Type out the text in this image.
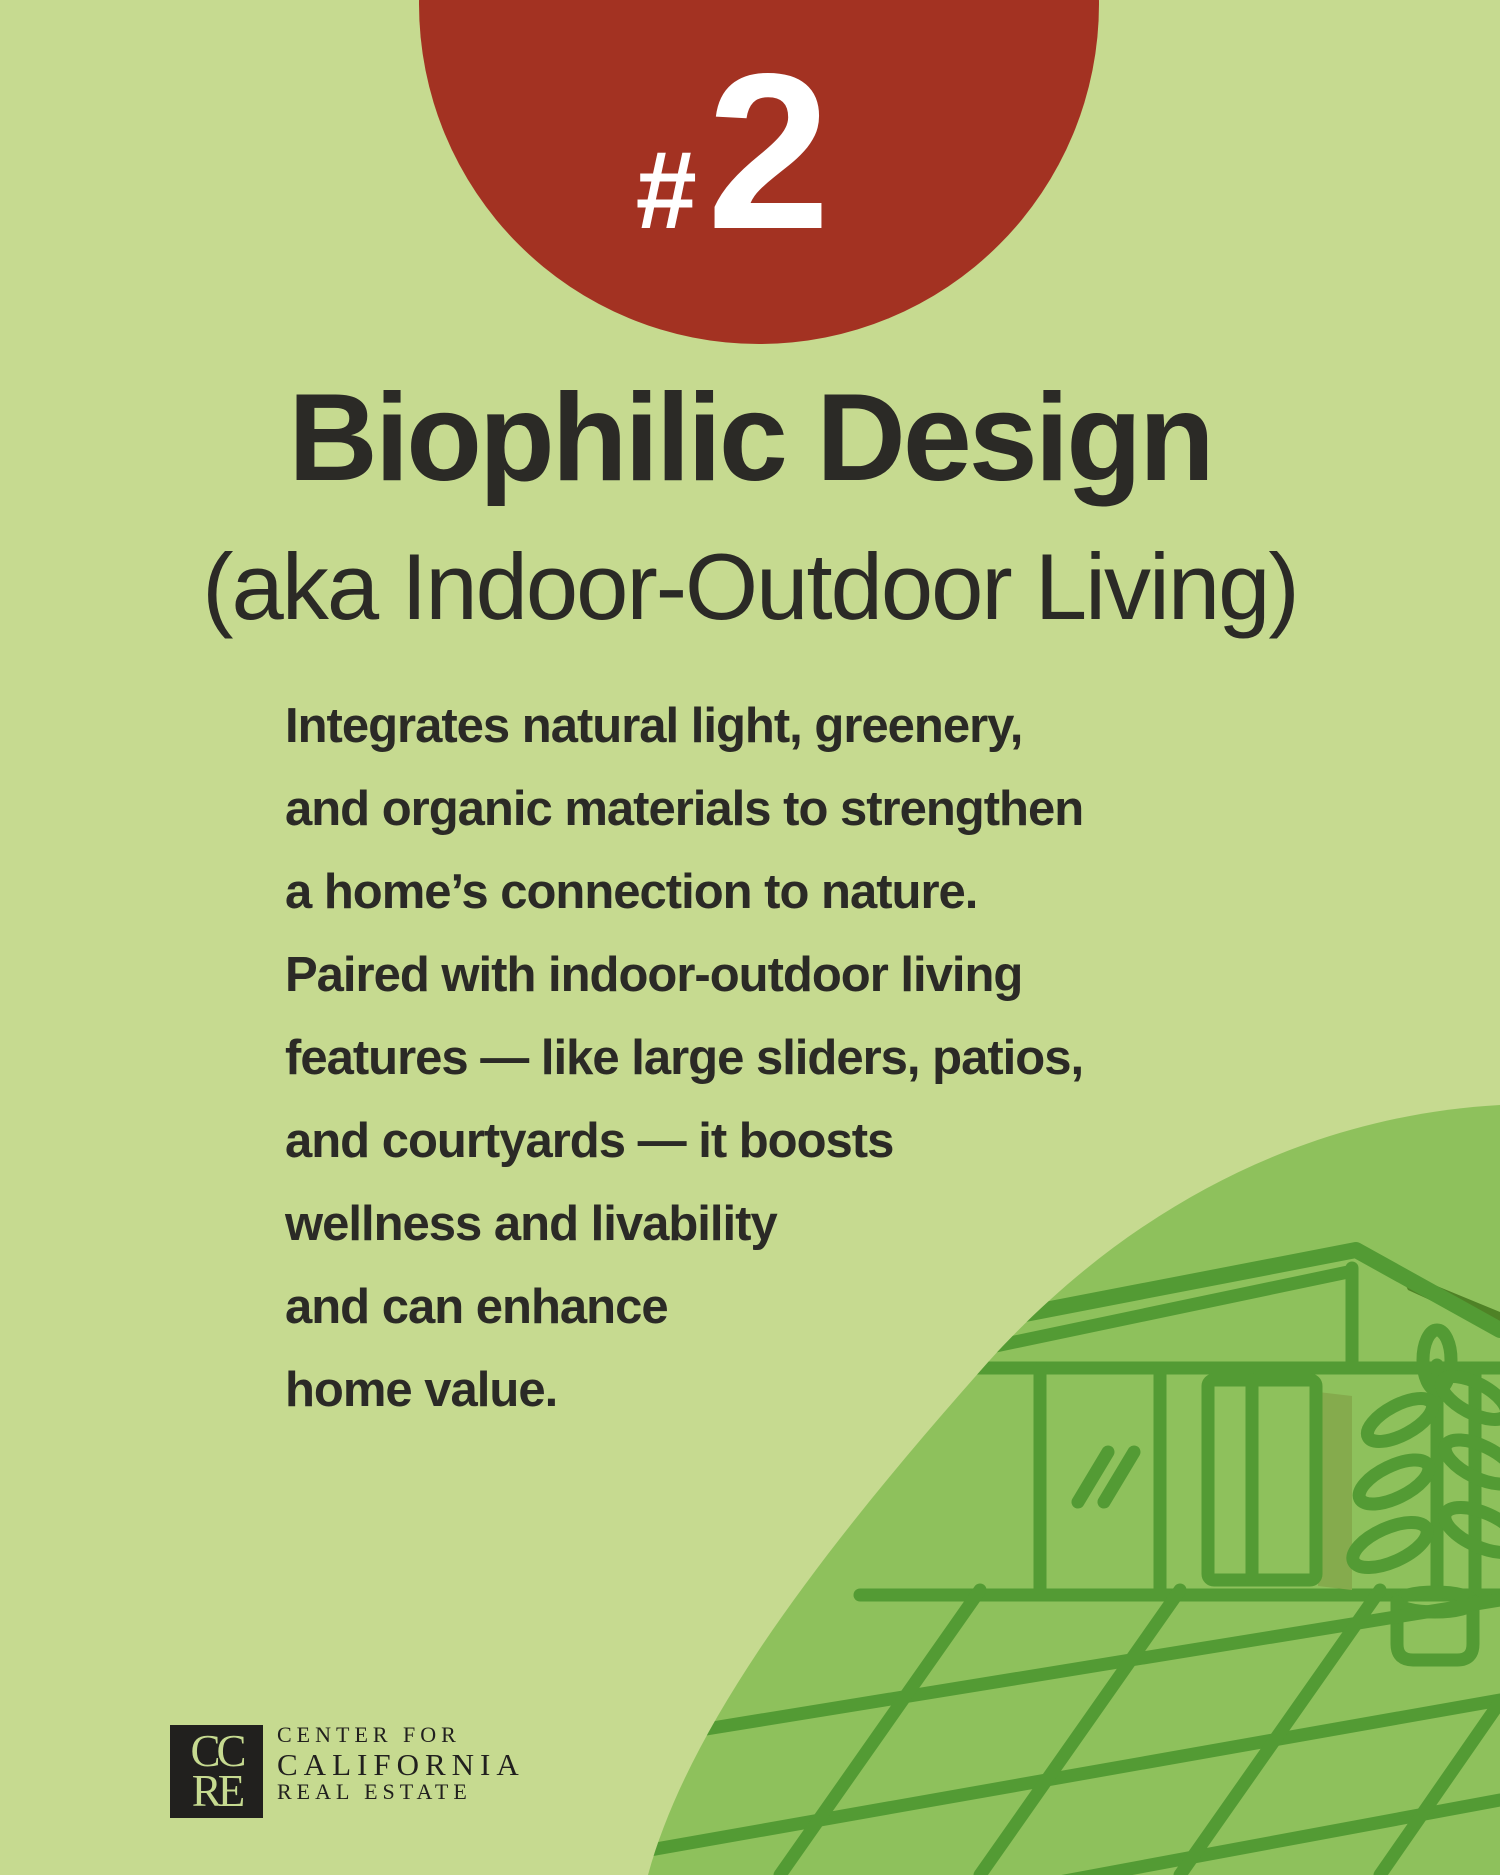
#2
Biophilic Design
(aka Indoor-Outdoor Living)

Integrates natural light, greenery,

and organic materials to strengthen

a home’s connection to nature.

Paired with indoor-outdoor living

features — like large sliders, patios,

and courtyards — it boosts

wellness and livability

and can enhance

home value.

CC
RE
CENTER FOR
CALIFORNIA
REAL ESTATE
